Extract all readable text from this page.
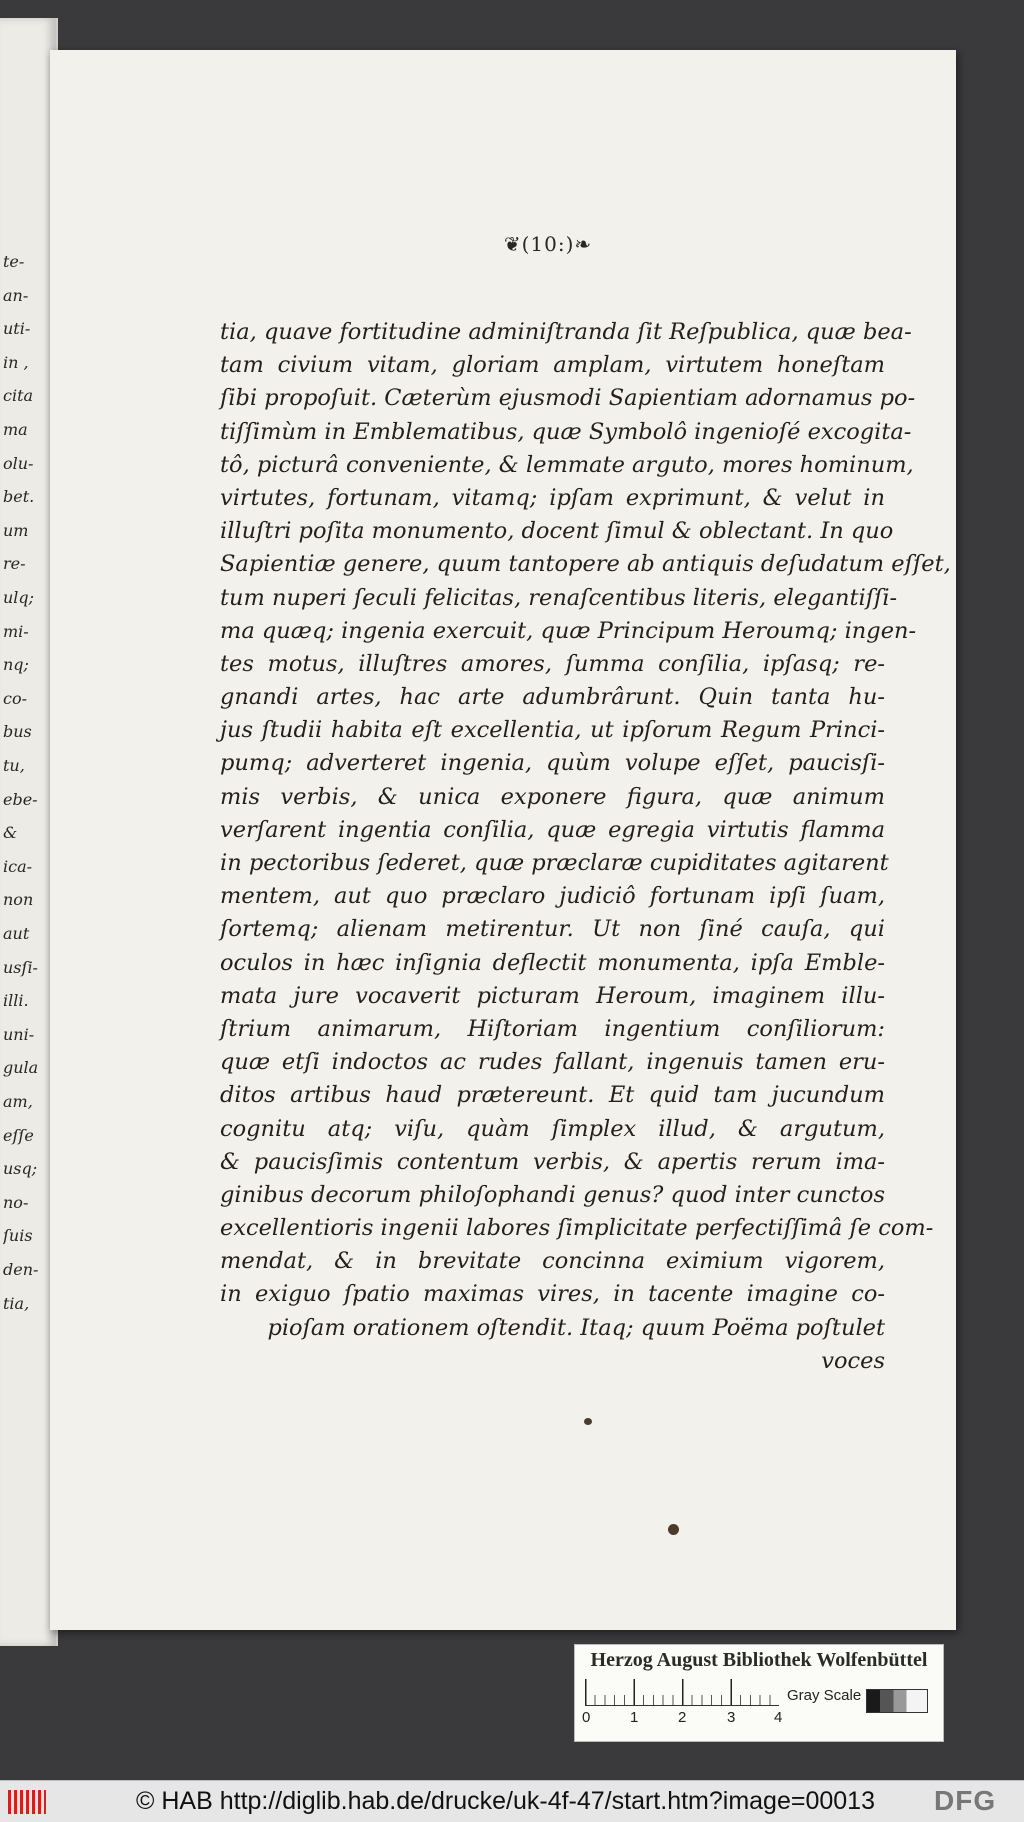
te-
an-
uti-
in ,
cita
ma
olu-
bet.
um
re-
ulq;
mi-
nq;
co-
bus
tu,
ebe-
&
ica-
non
aut
usſi-
illi.
uni-
gula
am,
eſſe
usq;
no-
ſuis
den-
tia,
❦(10:)❧
tia, quave fortitudine adminiſtranda ſit Reſpublica, quæ bea-
tam civium vitam, gloriam amplam, virtutem honeſtam
ſibi propoſuit. Cæterùm ejusmodi Sapientiam adornamus po-
tiſſimùm in Emblematibus, quæ Symbolô ingenioſé excogita-
tô, picturâ conveniente, & lemmate arguto, mores hominum,
virtutes, fortunam, vitamq; ipſam exprimunt, & velut in
illuſtri poſita monumento, docent ſimul & oblectant. In quo
Sapientiæ genere, quum tantopere ab antiquis deſudatum eſſet,
tum nuperi ſeculi felicitas, renaſcentibus literis, elegantiſſi-
ma quæq; ingenia exercuit, quæ Principum Heroumq; ingen-
tes motus, illuſtres amores, ſumma conſilia, ipſasq; re-
gnandi artes, hac arte adumbrârunt. Quin tanta hu-
jus ſtudii habita eſt excellentia, ut ipſorum Regum Princi-
pumq; adverteret ingenia, quùm volupe eſſet, paucisſi-
mis verbis, & unica exponere figura, quæ animum
verſarent ingentia conſilia, quæ egregia virtutis flamma
in pectoribus ſederet, quæ præclaræ cupiditates agitarent
mentem, aut quo præclaro judiciô fortunam ipſi ſuam,
ſortemq; alienam metirentur. Ut non ſiné cauſa, qui
oculos in hæc inſignia deflectit monumenta, ipſa Emble-
mata jure vocaverit picturam Heroum, imaginem illu-
ſtrium animarum, Hiſtoriam ingentium conſiliorum:
quæ etſi indoctos ac rudes fallant, ingenuis tamen eru-
ditos artibus haud prætereunt. Et quid tam jucundum
cognitu atq; viſu, quàm ſimplex illud, & argutum,
& paucisſimis contentum verbis, & apertis rerum ima-
ginibus decorum philoſophandi genus? quod inter cunctos
excellentioris ingenii labores ſimplicitate perfectiſſimâ ſe com-
mendat, & in brevitate concinna eximium vigorem,
in exiguo ſpatio maximas vires, in tacente imagine co-
pioſam orationem oſtendit. Itaq; quum Poëma poſtulet
voces
Herzog August Bibliothek Wolfenbüttel
0	1	2	3	4
Gray Scale
© HAB http://diglib.hab.de/drucke/uk-4f-47/start.htm?image=00013 DFG
